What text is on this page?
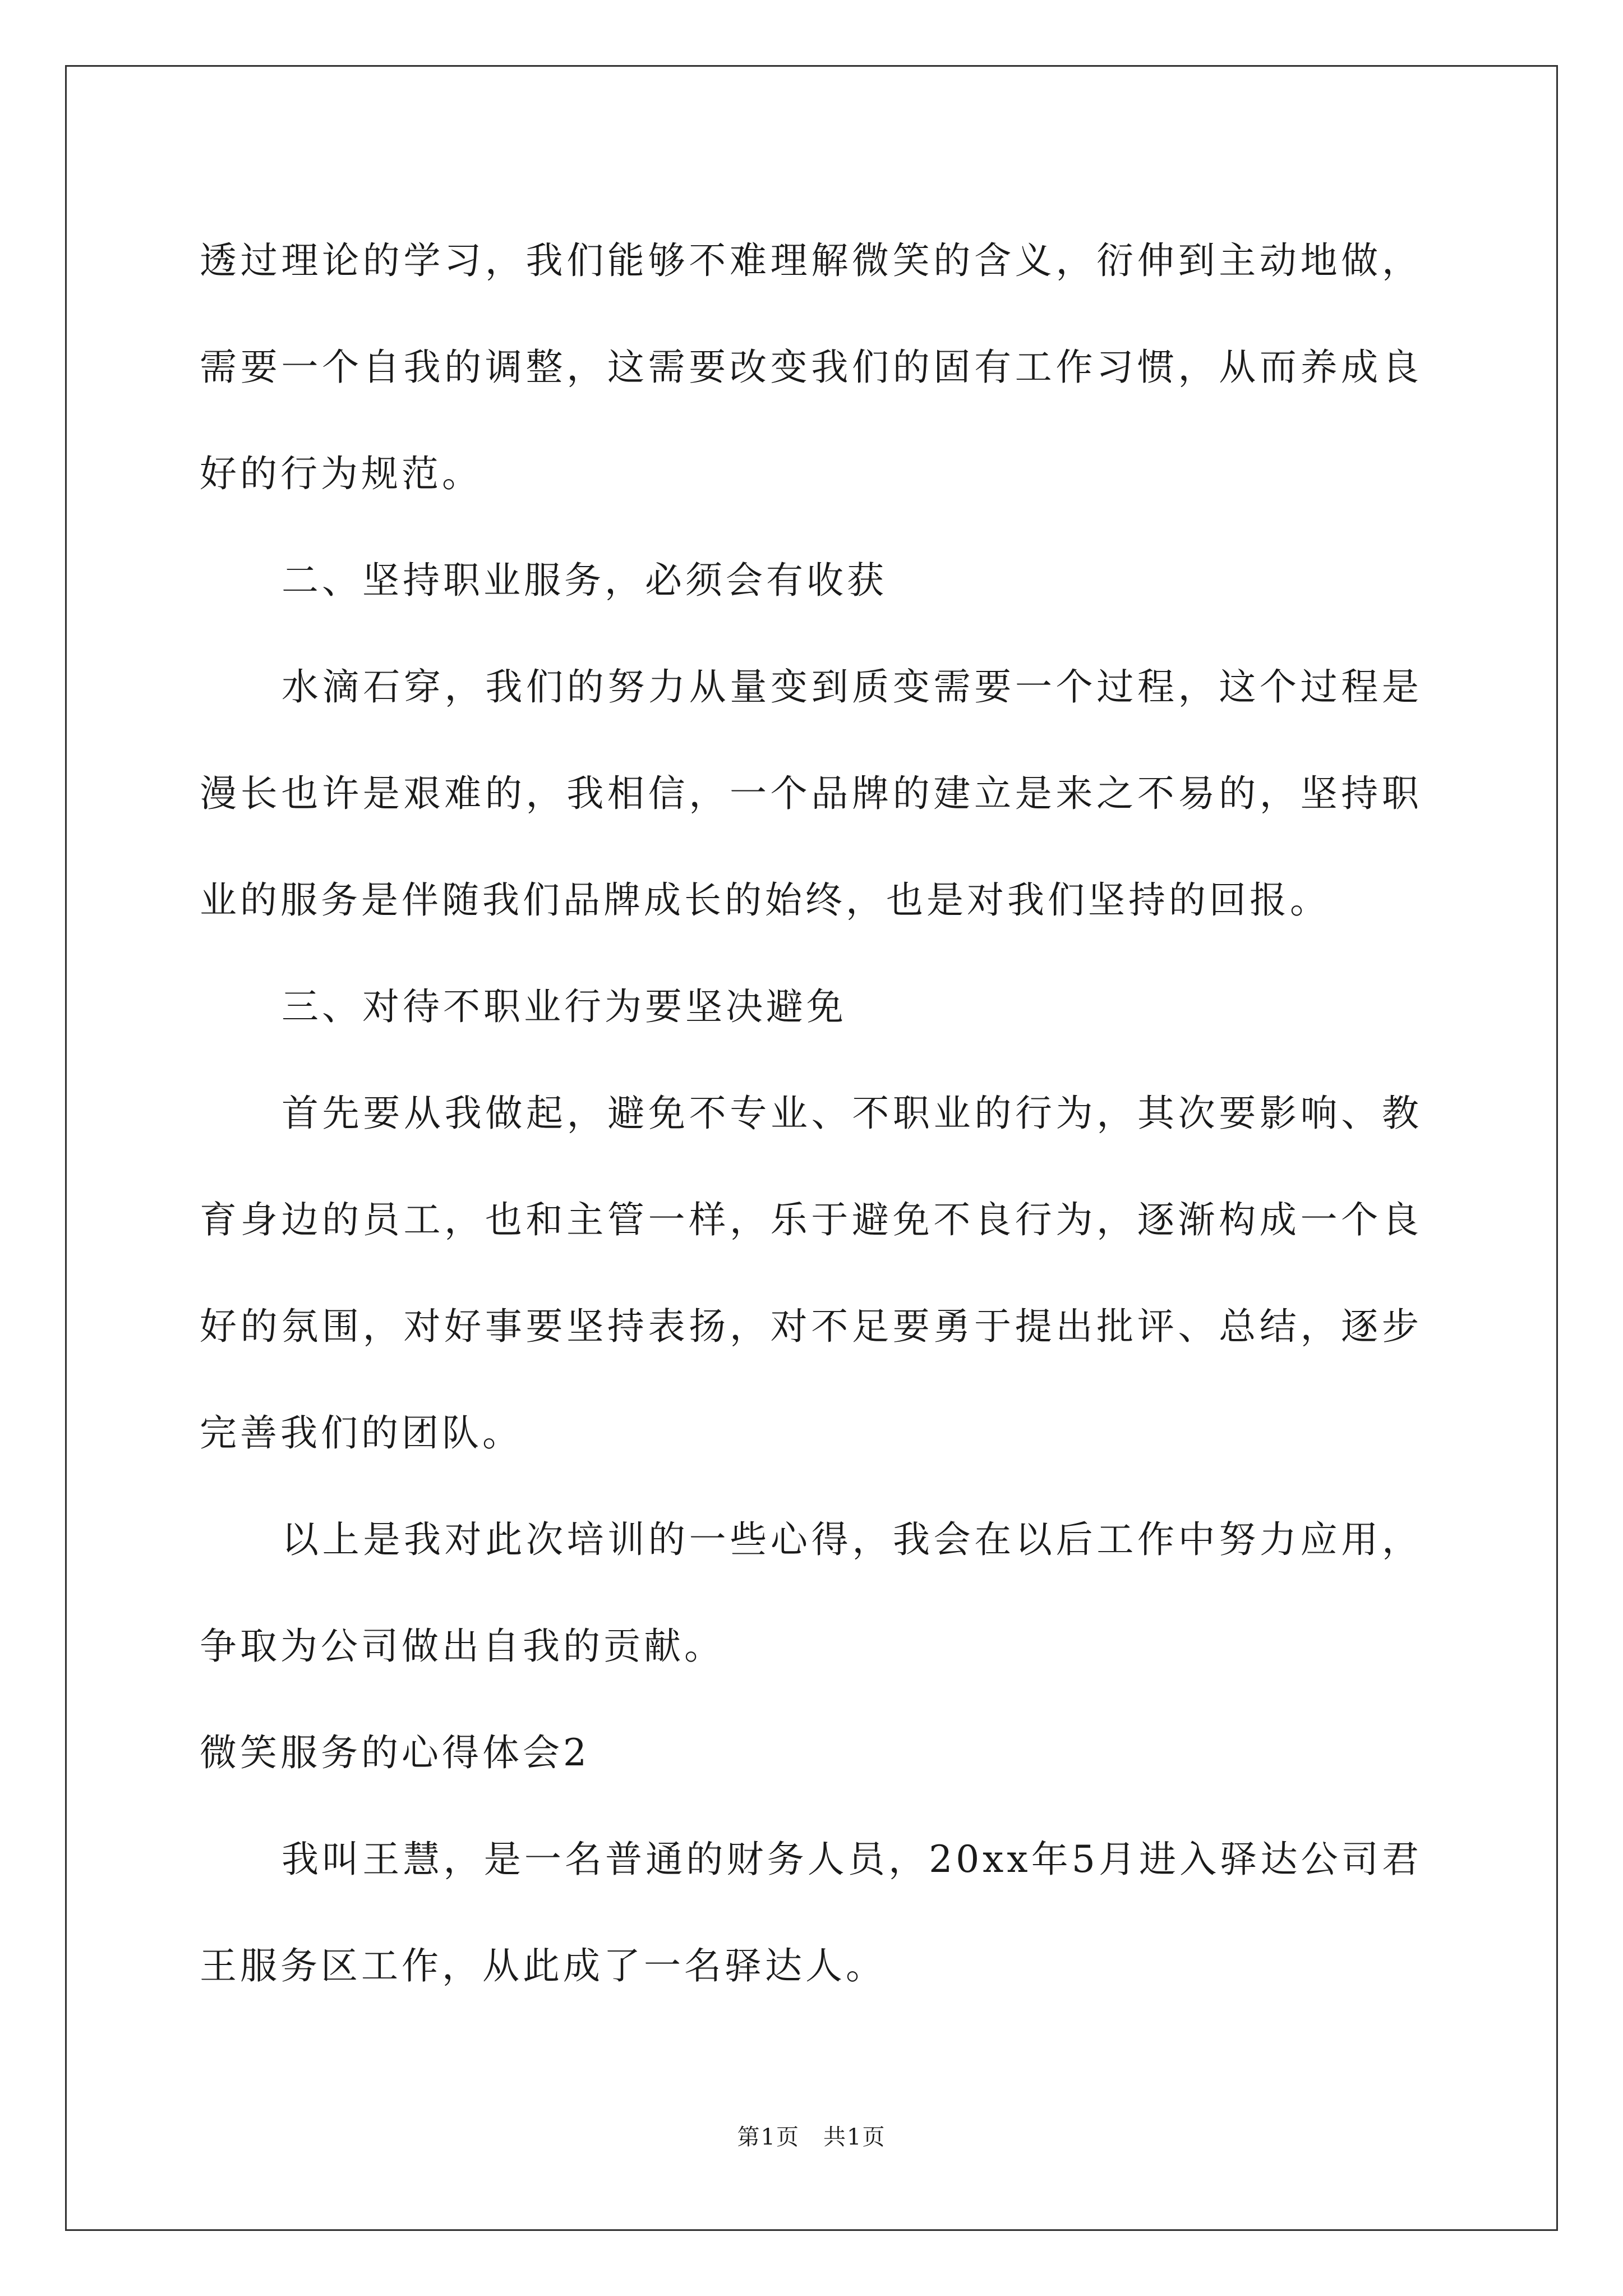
透过理论的学习，我们能够不难理解微笑的含义，衍伸到主动地做，需要一个自我的调整，这需要改变我们的固有工作习惯，从而养成良好的行为规范。

二、坚持职业服务，必须会有收获

水滴石穿，我们的努力从量变到质变需要一个过程，这个过程是漫长也许是艰难的，我相信，一个品牌的建立是来之不易的，坚持职业的服务是伴随我们品牌成长的始终，也是对我们坚持的回报。

三、对待不职业行为要坚决避免

首先要从我做起，避免不专业、不职业的行为，其次要影响、教育身边的员工，也和主管一样，乐于避免不良行为，逐渐构成一个良好的氛围，对好事要坚持表扬，对不足要勇于提出批评、总结，逐步完善我们的团队。

以上是我对此次培训的一些心得，我会在以后工作中努力应用，争取为公司做出自我的贡献。

微笑服务的心得体会2

我叫王慧，是一名普通的财务人员，20xx年5月进入驿达公司君王服务区工作，从此成了一名驿达人。

第1页　共1页
